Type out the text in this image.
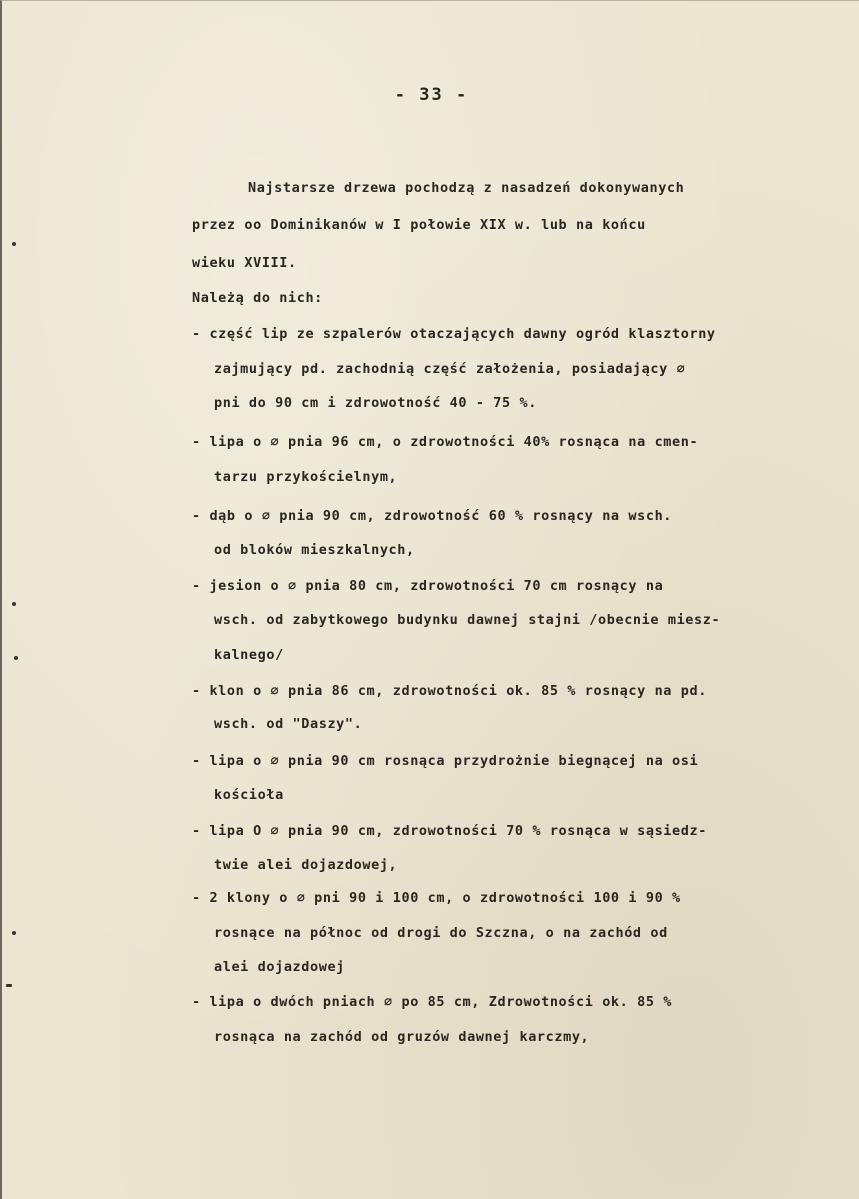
- 33 -
Najstarsze drzewa pochodzą z nasadzeń dokonywanych
przez oo Dominikanów w I połowie XIX w. lub na końcu
wieku XVIII.
Należą do nich:
- część lip ze szpalerów otaczających dawny ogród klasztorny
zajmujący pd. zachodnią część założenia, posiadający ∅
pni do 90 cm i zdrowotność 40 - 75 %.
- lipa o ∅ pnia 96 cm, o zdrowotności 40% rosnąca na cmen-
tarzu przykościelnym,
- dąb o ∅ pnia 90 cm, zdrowotność 60 % rosnący na wsch.
od bloków mieszkalnych,
- jesion o ∅ pnia 80 cm, zdrowotności 70 cm rosnący na
wsch. od zabytkowego budynku dawnej stajni /obecnie miesz-
kalnego/
- klon o ∅ pnia 86 cm, zdrowotności ok. 85 % rosnący na pd.
wsch. od "Daszy".
- lipa o ∅ pnia 90 cm rosnąca przydrożnie biegnącej na osi
kościoła
- lipa O ∅ pnia 90 cm, zdrowotności 70 % rosnąca w sąsiedz-
twie alei dojazdowej,
- 2 klony o ∅ pni 90 i 100 cm, o zdrowotności 100 i 90 %
rosnące na północ od drogi do Szczna, o na zachód od
alei dojazdowej
- lipa o dwóch pniach ∅ po 85 cm, Zdrowotności ok. 85 %
rosnąca na zachód od gruzów dawnej karczmy,
